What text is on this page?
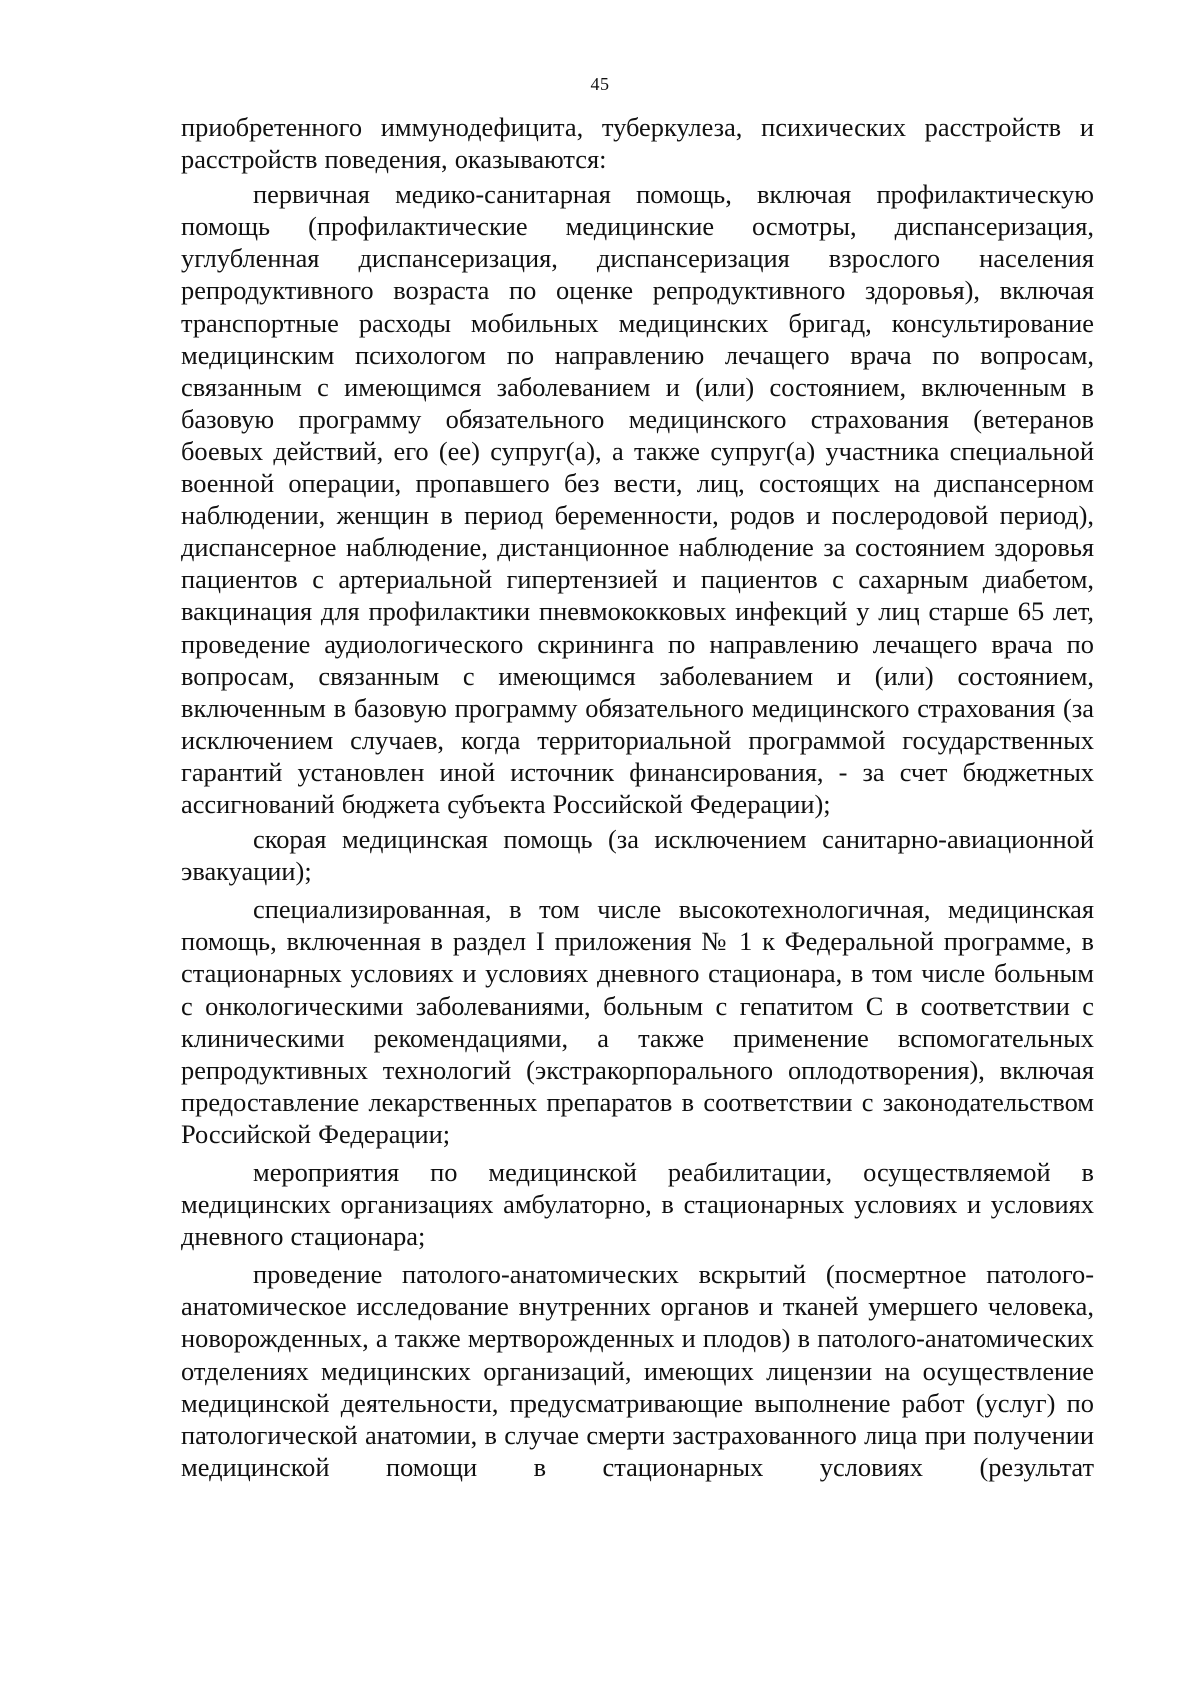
45

приобретенного иммунодефицита, туберкулеза, психических расстройств и расстройств поведения, оказываются:

первичная медико-санитарная помощь, включая профилактическую помощь (профилактические медицинские осмотры, диспансеризация, углубленная диспансеризация, диспансеризация взрослого населения репродуктивного возраста по оценке репродуктивного здоровья), включая транспортные расходы мобильных медицинских бригад, консультирование медицинским психологом по направлению лечащего врача по вопросам, связанным с имеющимся заболеванием и (или) состоянием, включенным в базовую программу обязательного медицинского страхования (ветеранов боевых действий, его (ее) супруг(а), а также супруг(а) участника специальной военной операции, пропавшего без вести, лиц, состоящих на диспансерном наблюдении, женщин в период беременности, родов и послеродовой период), диспансерное наблюдение, дистанционное наблюдение за состоянием здоровья пациентов с артериальной гипертензией и пациентов с сахарным диабетом, вакцинация для профилактики пневмококковых инфекций у лиц старше 65 лет, проведение аудиологического скрининга по направлению лечащего врача по вопросам, связанным с имеющимся заболеванием и (или) состоянием, включенным в базовую программу обязательного медицинского страхования (за исключением случаев, когда территориальной программой государственных гарантий установлен иной источник финансирования, - за счет бюджетных ассигнований бюджета субъекта Российской Федерации);

скорая медицинская помощь (за исключением санитарно-авиационной эвакуации);

специализированная, в том числе высокотехнологичная, медицинская помощь, включенная в раздел I приложения № 1 к Федеральной программе, в стационарных условиях и условиях дневного стационара, в том числе больным с онкологическими заболеваниями, больным с гепатитом С в соответствии с клиническими рекомендациями, а также применение вспомогательных репродуктивных технологий (экстракорпорального оплодотворения), включая предоставление лекарственных препаратов в соответствии с законодательством Российской Федерации;

мероприятия по медицинской реабилитации, осуществляемой в медицинских организациях амбулаторно, в стационарных условиях и условиях дневного стационара;

проведение патолого-анатомических вскрытий (посмертное патолого-анатомическое исследование внутренних органов и тканей умершего человека, новорожденных, а также мертворожденных и плодов) в патолого-анатомических отделениях медицинских организаций, имеющих лицензии на осуществление медицинской деятельности, предусматривающие выполнение работ (услуг) по патологической анатомии, в случае смерти застрахованного лица при получении медицинской помощи в стационарных условиях (результат
